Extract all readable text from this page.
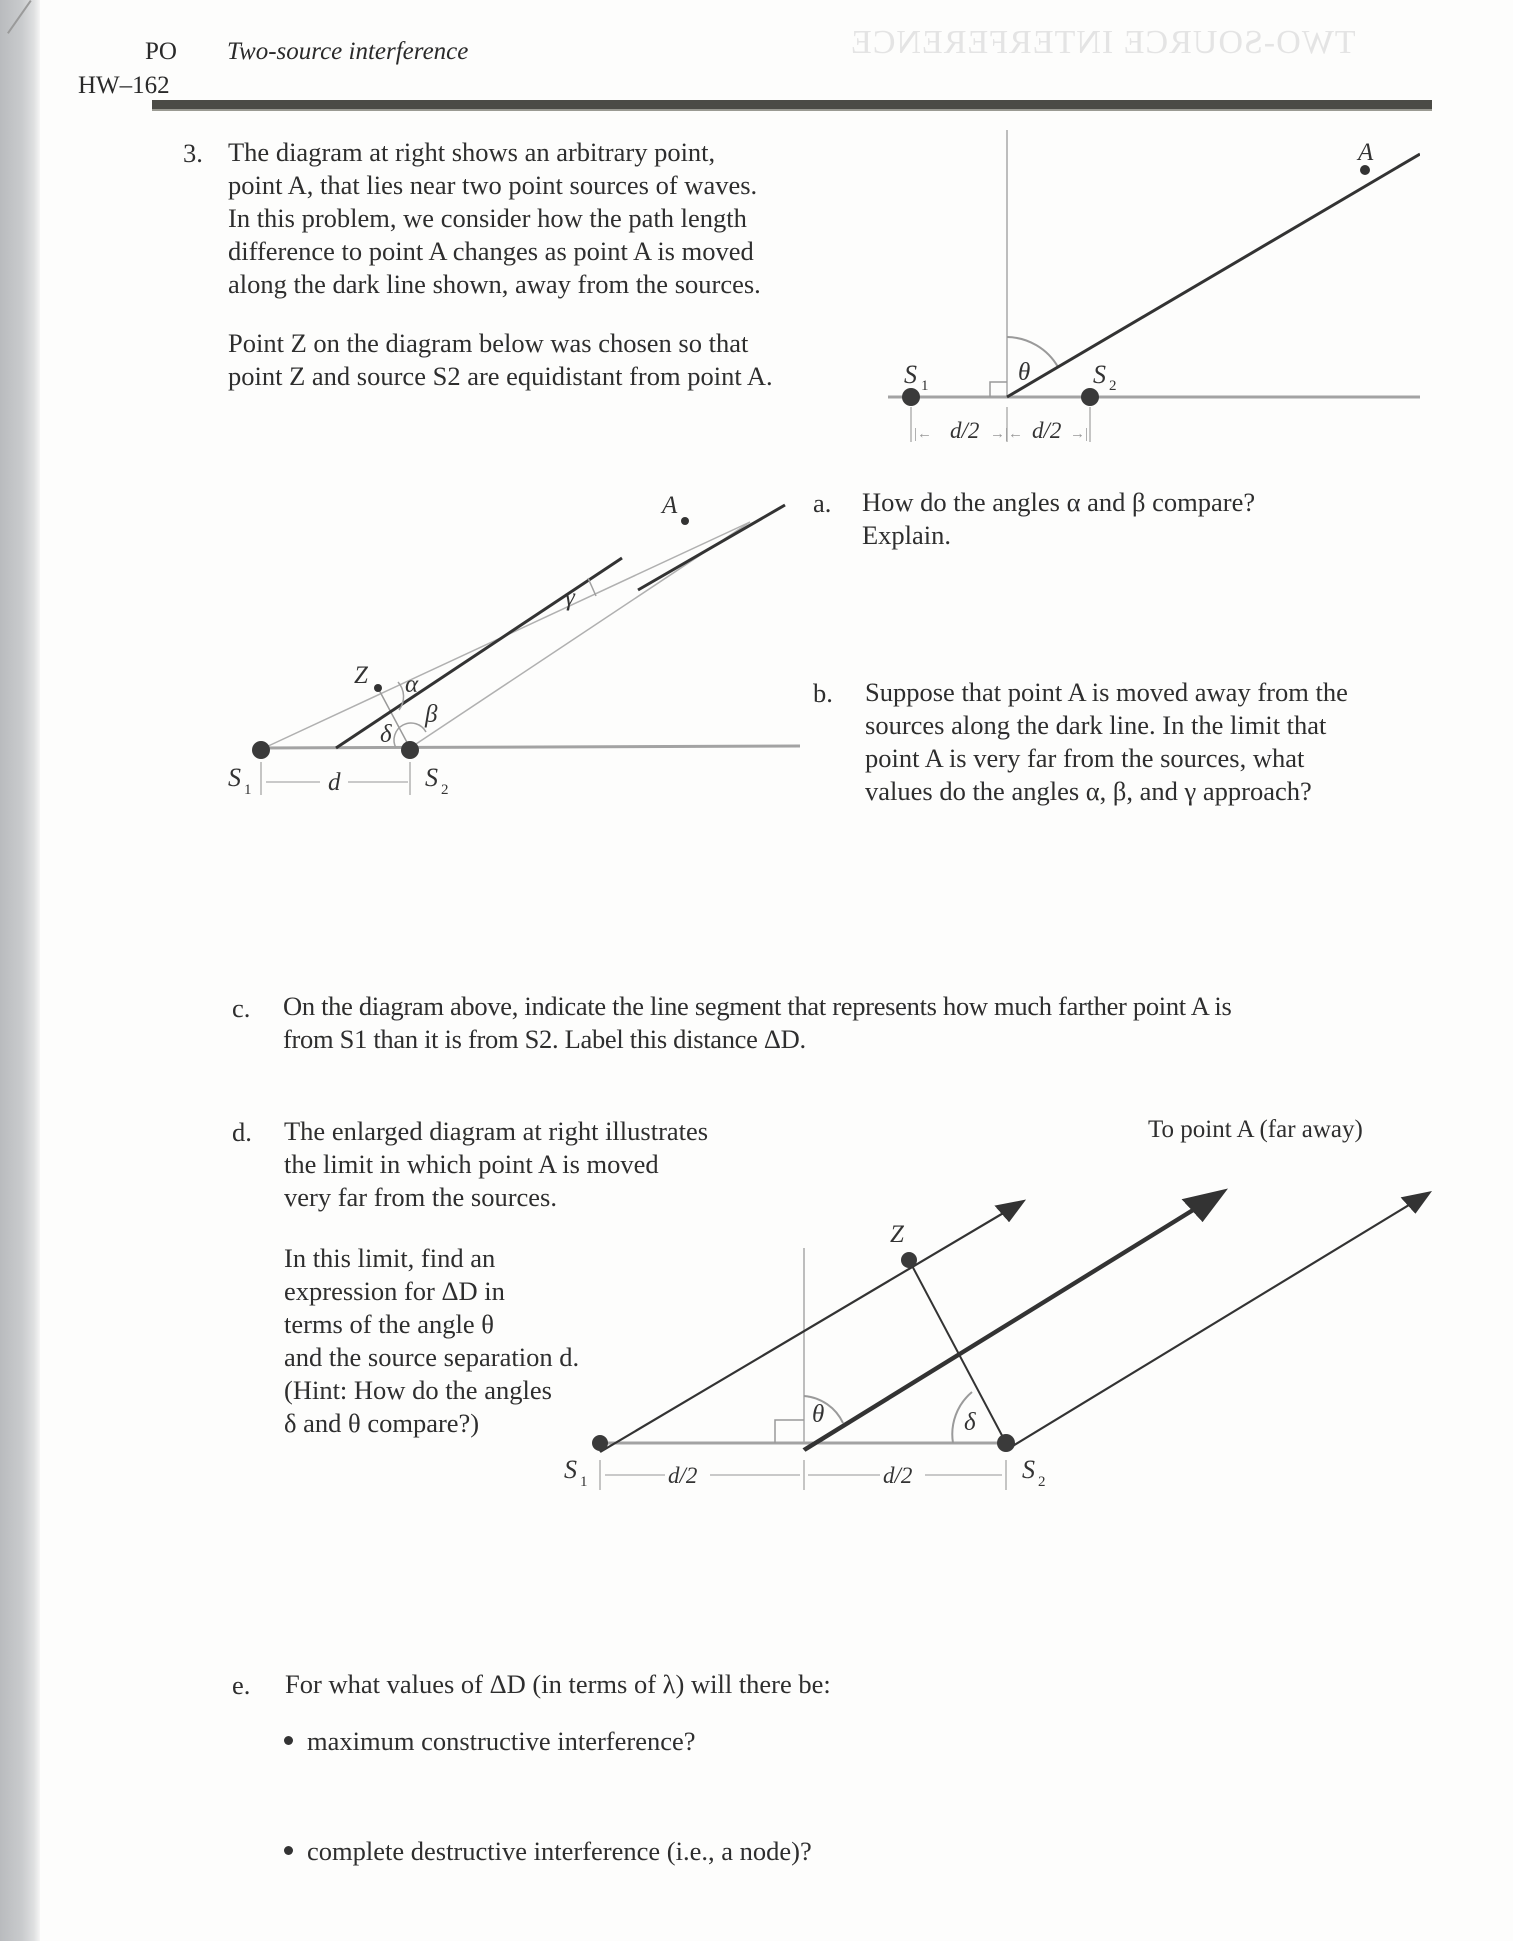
PO
HW–162
Two-source interference	TWO-SOURCE INTERFERENCE
3. The diagram at right shows an arbitrary point,
point A, that lies near two point sources of waves.
In this problem, we consider how the path length
difference to point A changes as point A is moved
along the dark line shown, away from the sources.
Point Z on the diagram below was chosen so that
point Z and source S2 are equidistant from point A.	θ
A
S 1	S 2
|← d/2 →|← d/2 →|
Z α
β
δ
γ
A
S 1	S 2
d
a. How do the angles α and β compare?
Explain.
b. Suppose that point A is moved away from the
sources along the dark line. In the limit that
point A is very far from the sources, what
values do the angles α, β, and γ approach?
c. On the diagram above, indicate the line segment that represents how much farther point A is
from S1 than it is from S2. Label this distance ΔD.
d. The enlarged diagram at right illustrates
the limit in which point A is moved
very far from the sources.
In this limit, find an
expression for ΔD in
terms of the angle θ
and the source separation d.
(Hint: How do the angles
δ and θ compare?)
To point A (far away)
Z
θ	δ
S 1	S 2
d/2	d/2
e. For what values of ΔD (in terms of λ) will there be:
maximum constructive interference?
complete destructive interference (i.e., a node)?
